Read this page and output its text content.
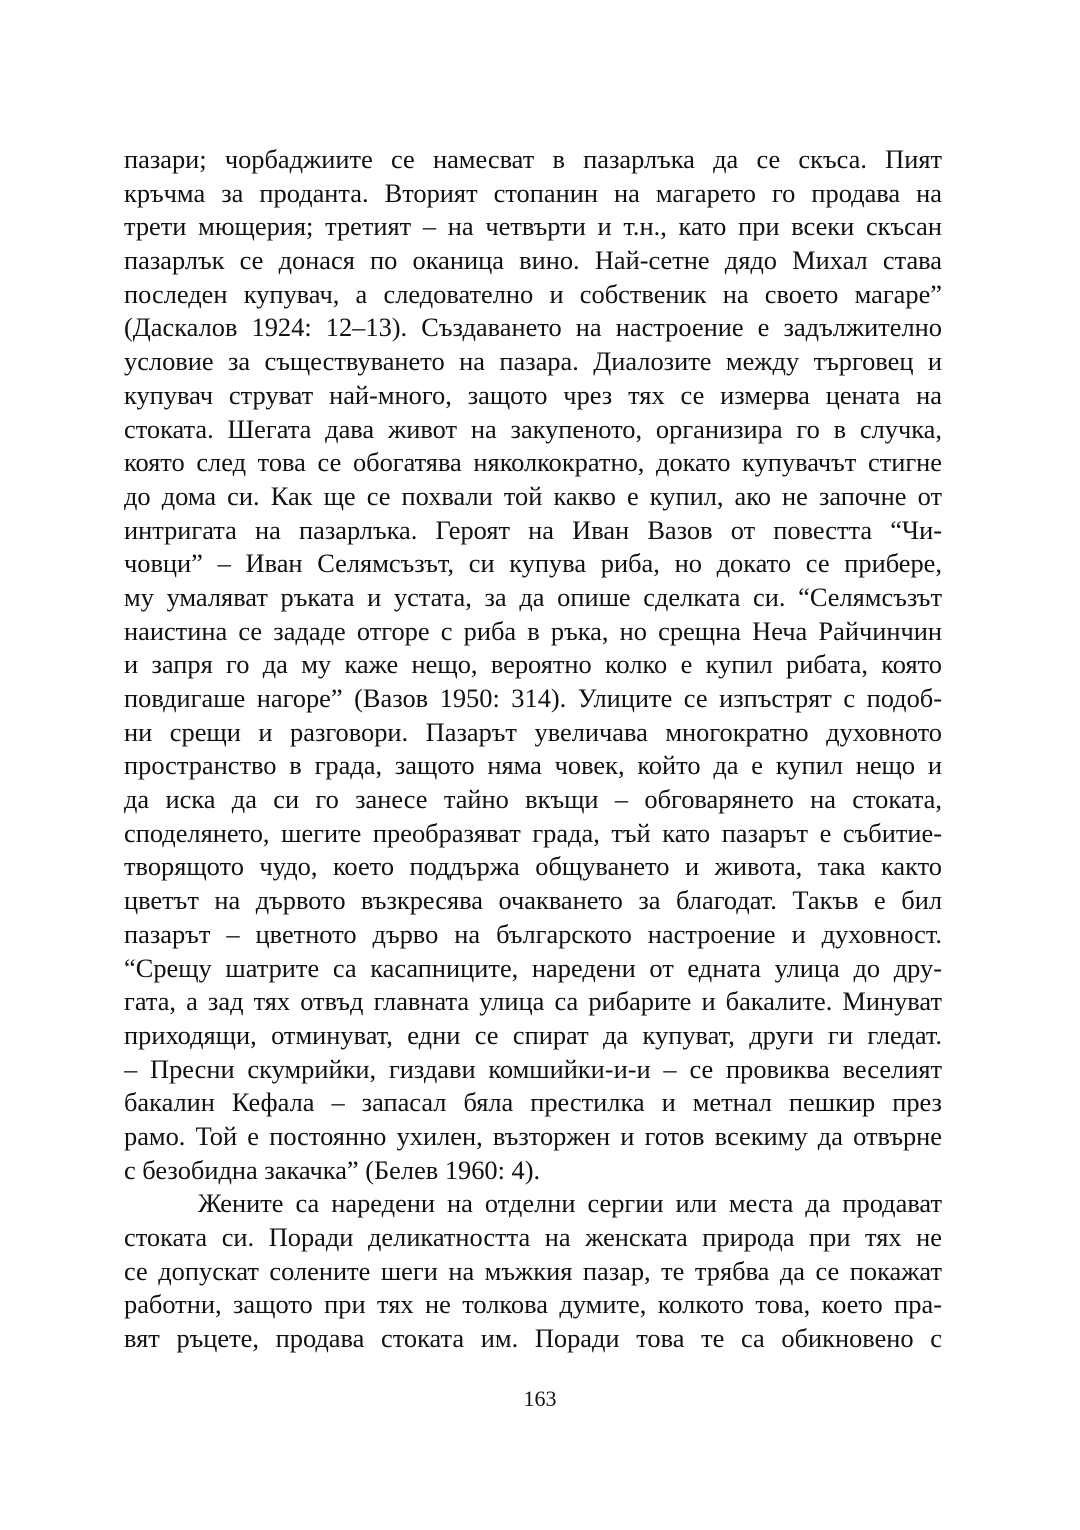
пазари; чорбаджиите се намесват в пазарлъка да се скъса. Пият
кръчма за проданта. Вторият стопанин на магарето го продава на
трети мющерия; третият – на четвърти и т.н., като при всеки скъсан
пазарлък се донася по оканица вино. Най-сетне дядо Михал става
последен купувач, а следователно и собственик на своето магаре”
(Даскалов 1924: 12–13). Създаването на настроение е задължително
условие за съществуването на пазара. Диалозите между търговец и
купувач струват най-много, защото чрез тях се измерва цената на
стоката. Шегата дава живот на закупеното, организира го в случка,
която след това се обогатява няколкократно, докато купувачът стигне
до дома си. Как ще се похвали той какво е купил, ако не започне от
интригата на пазарлъка. Героят на Иван Вазов от повестта “Чи-
човци” – Иван Селямсъзът, си купува риба, но докато се прибере,
му умаляват ръката и устата, за да опише сделката си. “Селямсъзът
наистина се зададе отгоре с риба в ръка, но срещна Неча Райчинчин
и запря го да му каже нещо, вероятно колко е купил рибата, която
повдигаше нагоре” (Вазов 1950: 314). Улиците се изпъстрят с подоб-
ни срещи и разговори. Пазарът увеличава многократно духовното
пространство в града, защото няма човек, който да е купил нещо и
да иска да си го занесе тайно вкъщи – обговарянето на стоката,
споделянето, шегите преобразяват града, тъй като пазарът е събитие-
творящото чудо, което поддържа общуването и живота, така както
цветът на дървото възкресява очакването за благодат. Такъв е бил
пазарът – цветното дърво на българското настроение и духовност.
“Срещу шатрите са касапниците, наредени от едната улица до дру-
гата, а зад тях отвъд главната улица са рибарите и бакалите. Минуват
приходящи, отминуват, едни се спират да купуват, други ги гледат.
– Пресни скумрийки, гиздави комшийки-и-и – се провиква веселият
бакалин Кефала – запасал бяла престилка и метнал пешкир през
рамо. Той е постоянно ухилен, възторжен и готов всекиму да отвърне
с безобидна закачка” (Белев 1960: 4).
Жените са наредени на отделни сергии или места да продават
стоката си. Поради деликатността на женската природа при тях не
се допускат солените шеги на мъжкия пазар, те трябва да се покажат
работни, защото при тях не толкова думите, колкото това, което пра-
вят ръцете, продава стоката им. Поради това те са обикновено с
163
